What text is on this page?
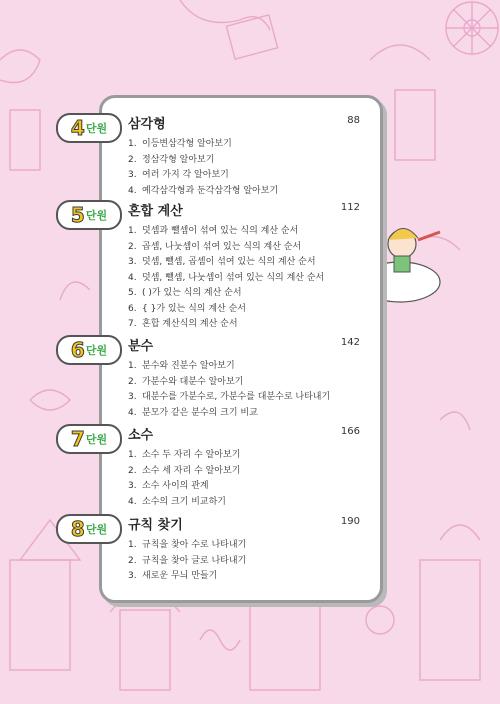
4 단원 삼각형	88
1. 이등변삼각형 알아보기
2. 정삼각형 알아보기
3. 여러 가지 각 알아보기
4. 예각삼각형과 둔각삼각형 알아보기
5 단원 혼합 계산	112
1. 덧셈과 뺄셈이 섞여 있는 식의 계산 순서
2. 곱셈, 나눗셈이 섞여 있는 식의 계산 순서
3. 덧셈, 뺄셈, 곱셈이 섞여 있는 식의 계산 순서
4. 덧셈, 뺄셈, 나눗셈이 섞여 있는 식의 계산 순서
5. ( )가 있는 식의 계산 순서
6. { }가 있는 식의 계산 순서
7. 혼합 계산식의 계산 순서
6 단원 분수	142
1. 분수와 진분수 알아보기
2. 가분수와 대분수 알아보기
3. 대분수를 가분수로, 가분수를 대분수로 나타내기
4. 분모가 같은 분수의 크기 비교
7 단원 소수	166
1. 소수 두 자리 수 알아보기
2. 소수 세 자리 수 알아보기
3. 소수 사이의 관계
4. 소수의 크기 비교하기
8 단원 규칙 찾기	190
1. 규칙을 찾아 수로 나타내기
2. 규칙을 찾아 글로 나타내기
3. 새로운 무늬 만들기
